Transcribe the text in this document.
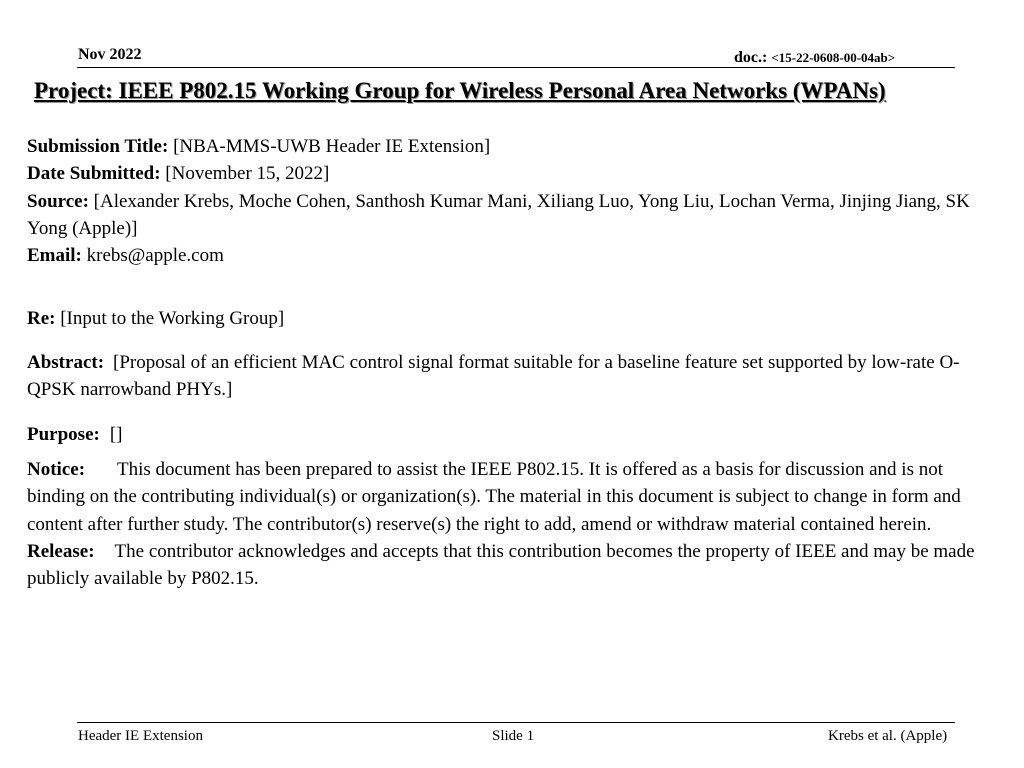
Nov 2022	doc.: <15-22-0608-00-04ab>
Project: IEEE P802.15 Working Group for Wireless Personal Area Networks (WPANs)
Submission Title: [NBA-MMS-UWB Header IE Extension]
Date Submitted: [November 15, 2022]
Source: [Alexander Krebs, Moche Cohen, Santhosh Kumar Mani, Xiliang Luo, Yong Liu, Lochan Verma, Jinjing Jiang, SK Yong (Apple)]
Email: krebs@apple.com
Re: [Input to the Working Group]
Abstract: [Proposal of an efficient MAC control signal format suitable for a baseline feature set supported by low-rate O-QPSK narrowband PHYs.]
Purpose: []
Notice: This document has been prepared to assist the IEEE P802.15. It is offered as a basis for discussion and is not binding on the contributing individual(s) or organization(s). The material in this document is subject to change in form and content after further study. The contributor(s) reserve(s) the right to add, amend or withdraw material contained herein.
Release: The contributor acknowledges and accepts that this contribution becomes the property of IEEE and may be made publicly available by P802.15.
Header IE Extension	Slide 1	Krebs et al. (Apple)
